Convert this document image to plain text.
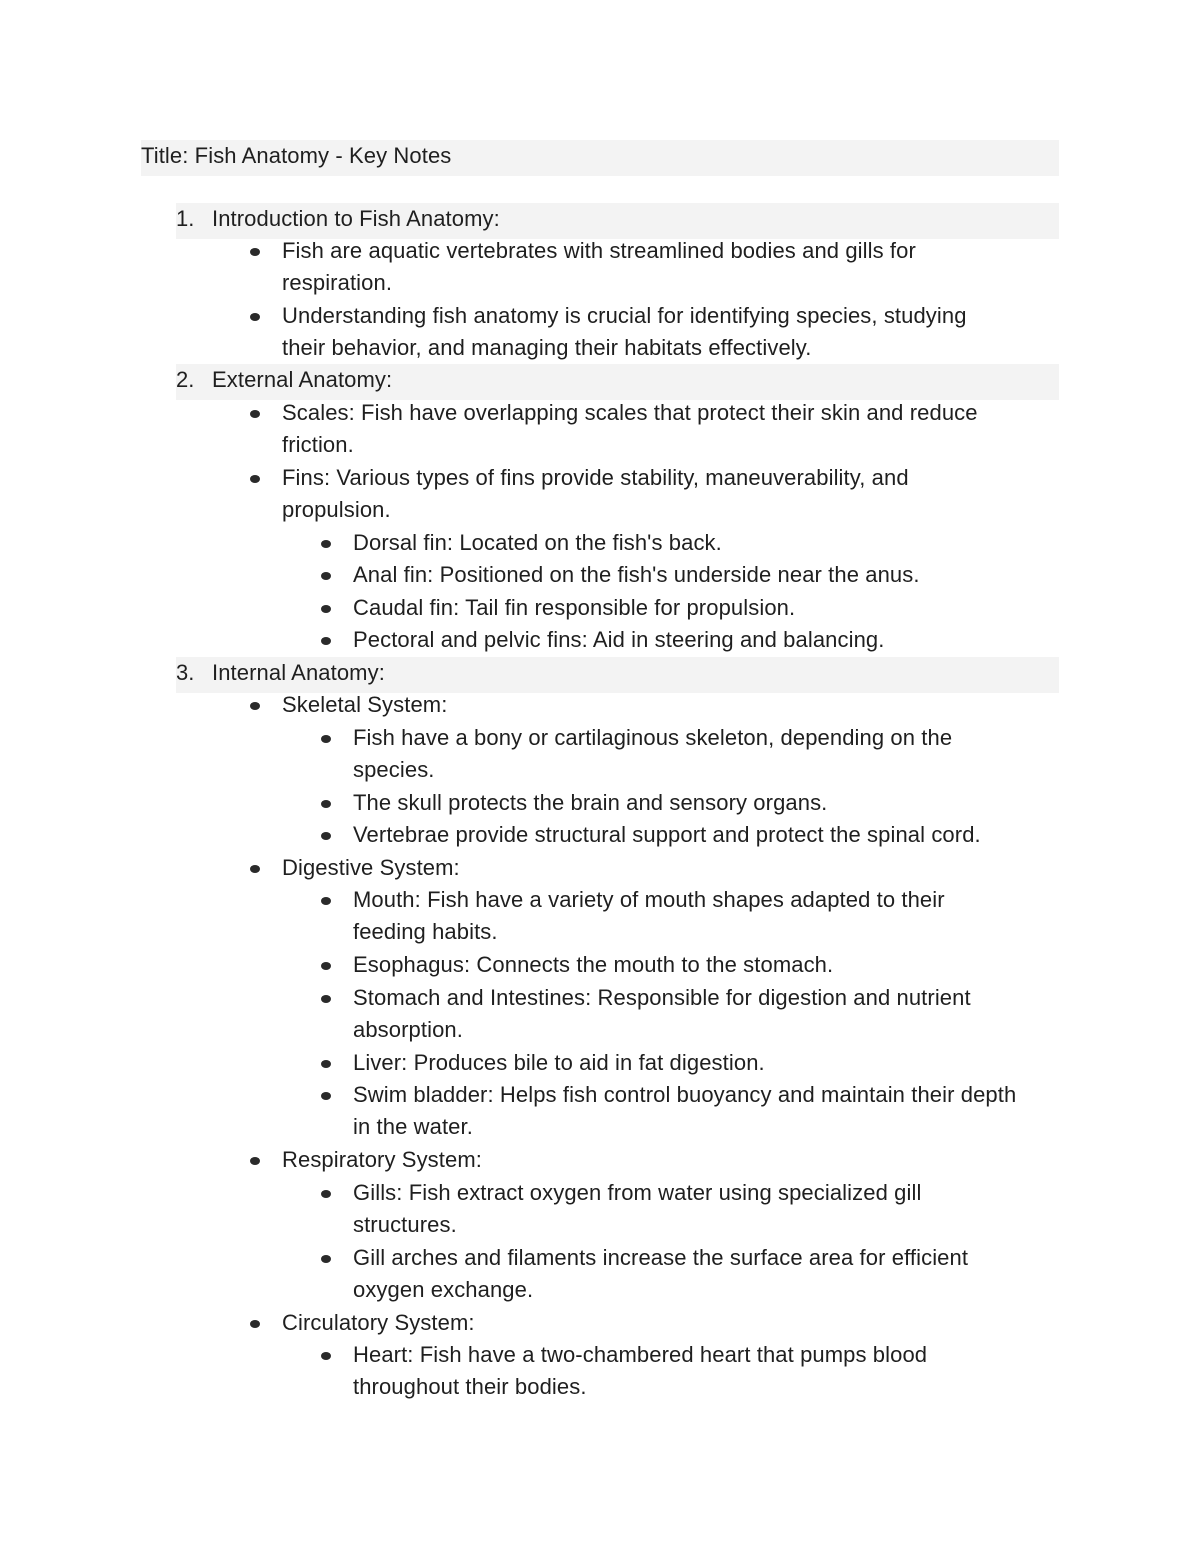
Title: Fish Anatomy - Key Notes
1. Introduction to Fish Anatomy:
Fish are aquatic vertebrates with streamlined bodies and gills for
respiration.
Understanding fish anatomy is crucial for identifying species, studying
their behavior, and managing their habitats effectively.
2. External Anatomy:
Scales: Fish have overlapping scales that protect their skin and reduce
friction.
Fins: Various types of fins provide stability, maneuverability, and
propulsion.
Dorsal fin: Located on the fish's back.
Anal fin: Positioned on the fish's underside near the anus.
Caudal fin: Tail fin responsible for propulsion.
Pectoral and pelvic fins: Aid in steering and balancing.
3. Internal Anatomy:
Skeletal System:
Fish have a bony or cartilaginous skeleton, depending on the
species.
The skull protects the brain and sensory organs.
Vertebrae provide structural support and protect the spinal cord.
Digestive System:
Mouth: Fish have a variety of mouth shapes adapted to their
feeding habits.
Esophagus: Connects the mouth to the stomach.
Stomach and Intestines: Responsible for digestion and nutrient
absorption.
Liver: Produces bile to aid in fat digestion.
Swim bladder: Helps fish control buoyancy and maintain their depth
in the water.
Respiratory System:
Gills: Fish extract oxygen from water using specialized gill
structures.
Gill arches and filaments increase the surface area for efficient
oxygen exchange.
Circulatory System:
Heart: Fish have a two-chambered heart that pumps blood
throughout their bodies.
